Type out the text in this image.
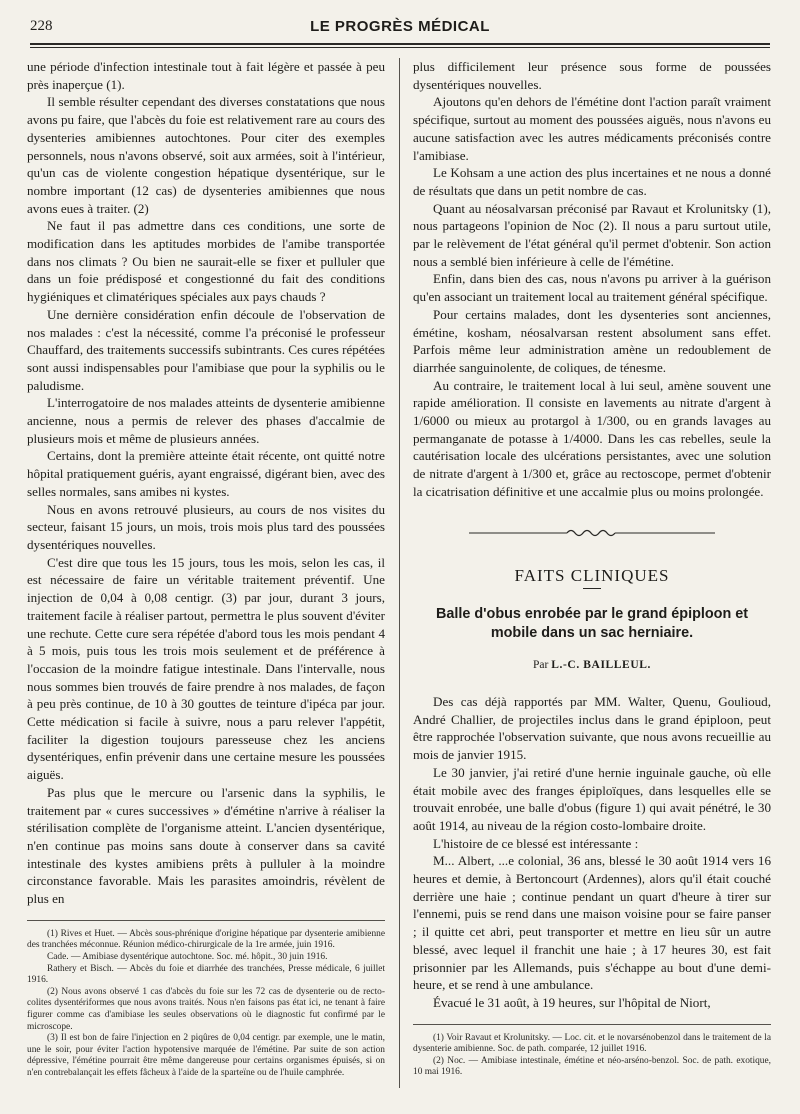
228	LE PROGRÈS MÉDICAL

une période d'infection intestinale tout à fait légère et passée à peu près inaperçue (1).

Il semble résulter cependant des diverses constatations que nous avons pu faire, que l'abcès du foie est relativement rare au cours des dysenteries amibiennes autochtones. Pour citer des exemples personnels, nous n'avons observé, soit aux armées, soit à l'intérieur, qu'un cas de violente congestion hépatique dysentérique, sur le nombre important (12 cas) de dysenteries amibiennes que nous avons eues à traiter. (2)

Ne faut il pas admettre dans ces conditions, une sorte de modification dans les aptitudes morbides de l'amibe transportée dans nos climats ? Ou bien ne saurait-elle se fixer et pulluler que dans un foie prédisposé et congestionné du fait des conditions hygiéniques et climatériques spéciales aux pays chauds ?

Une dernière considération enfin découle de l'observation de nos malades : c'est la nécessité, comme l'a préconisé le professeur Chauffard, des traitements successifs subintrants. Ces cures répétées sont aussi indispensables pour l'amibiase que pour la syphilis ou le paludisme.

L'interrogatoire de nos malades atteints de dysenterie amibienne ancienne, nous a permis de relever des phases d'accalmie de plusieurs mois et même de plusieurs années.

Certains, dont la première atteinte était récente, ont quitté notre hôpital pratiquement guéris, ayant engraissé, digérant bien, avec des selles normales, sans amibes ni kystes.

Nous en avons retrouvé plusieurs, au cours de nos visites du secteur, faisant 15 jours, un mois, trois mois plus tard des poussées dysentériques nouvelles.

C'est dire que tous les 15 jours, tous les mois, selon les cas, il est nécessaire de faire un véritable traitement préventif. Une injection de 0,04 à 0,08 centigr. (3) par jour, durant 3 jours, traitement facile à réaliser partout, permettra le plus souvent d'éviter une rechute. Cette cure sera répétée d'abord tous les mois pendant 4 à 5 mois, puis tous les trois mois seulement et de préférence à l'occasion de la moindre fatigue intestinale. Dans l'intervalle, nous nous sommes bien trouvés de faire prendre à nos malades, de façon à peu près continue, de 10 à 30 gouttes de teinture d'ipéca par jour. Cette médication si facile à suivre, nous a paru relever l'appétit, faciliter la digestion toujours paresseuse chez les anciens dysentériques, enfin prévenir dans une certaine mesure les poussées aiguës.

Pas plus que le mercure ou l'arsenic dans la syphilis, le traitement par « cures successives » d'émétine n'arrive à réaliser la stérilisation complète de l'organisme atteint. L'ancien dysentérique, n'en continue pas moins sans doute à conserver dans sa cavité intestinale des kystes amibiens prêts à pulluler à la moindre circonstance favorable. Mais les parasites amoindris, révèlent de plus en

(1) Rives et Huet. — Abcès sous-phrénique d'origine hépatique par dysenterie amibienne des tranchées méconnue. Réunion médico-chirurgicale de la 1re armée, juin 1916.

Cade. — Amibiase dysentérique autochtone. Soc. mé. hôpit., 30 juin 1916.

Rathery et Bisch. — Abcès du foie et diarrhée des tranchées, Presse médicale, 6 juillet 1916.

(2) Nous avons observé 1 cas d'abcès du foie sur les 72 cas de dysenterie ou de recto-colites dysentériformes que nous avons traités. Nous n'en faisons pas état ici, ne tenant à faire figurer comme cas d'amibiase les seules observations où le diagnostic fut confirmé par le microscope.

(3) Il est bon de faire l'injection en 2 piqûres de 0,04 centigr. par exemple, une le matin, une le soir, pour éviter l'action hypotensive marquée de l'émétine. Par suite de son action dépressive, l'émétine pourrait être même dangereuse pour certains organismes épuisés, si on n'en contrebalançait les effets fâcheux à l'aide de la sparteïne ou de l'huile camphrée.

plus difficilement leur présence sous forme de poussées dysentériques nouvelles.

Ajoutons qu'en dehors de l'émétine dont l'action paraît vraiment spécifique, surtout au moment des poussées aiguës, nous n'avons eu aucune satisfaction avec les autres médicaments préconisés contre l'amibiase.

Le Kohsam a une action des plus incertaines et ne nous a donné de résultats que dans un petit nombre de cas.

Quant au néosalvarsan préconisé par Ravaut et Krolunitsky (1), nous partageons l'opinion de Noc (2). Il nous a paru surtout utile, par le relèvement de l'état général qu'il permet d'obtenir. Son action nous a semblé bien inférieure à celle de l'émétine.

Enfin, dans bien des cas, nous n'avons pu arriver à la guérison qu'en associant un traitement local au traitement général spécifique.

Pour certains malades, dont les dysenteries sont anciennes, émétine, kosham, néosalvarsan restent absolument sans effet. Parfois même leur administration amène un redoublement de diarrhée sanguinolente, de coliques, de ténesme.

Au contraire, le traitement local à lui seul, amène souvent une rapide amélioration. Il consiste en lavements au nitrate d'argent à 1/6000 ou mieux au protargol à 1/300, ou en grands lavages au permanganate de potasse à 1/4000. Dans les cas rebelles, seule la cautérisation locale des ulcérations persistantes, avec une solution de nitrate d'argent à 1/300 et, grâce au rectoscope, permet d'obtenir la cicatrisation définitive et une accalmie plus ou moins prolongée.

FAITS CLINIQUES
Balle d'obus enrobée par le grand épiploon et mobile dans un sac herniaire.
Par L.-C. BAILLEUL.

Des cas déjà rapportés par MM. Walter, Quenu, Goulioud, André Challier, de projectiles inclus dans le grand épiploon, peut être rapprochée l'observation suivante, que nous avons recueillie au mois de janvier 1915.

Le 30 janvier, j'ai retiré d'une hernie inguinale gauche, où elle était mobile avec des franges épiploïques, dans lesquelles elle se trouvait enrobée, une balle d'obus (figure 1) qui avait pénétré, le 30 août 1914, au niveau de la région costo-lombaire droite.

L'histoire de ce blessé est intéressante :

M... Albert, ...e colonial, 36 ans, blessé le 30 août 1914 vers 16 heures et demie, à Bertoncourt (Ardennes), alors qu'il était couché derrière une haie ; continue pendant un quart d'heure à tirer sur l'ennemi, puis se rend dans une maison voisine pour se faire panser ; il quitte cet abri, peut transporter et mettre en lieu sûr un autre blessé, avec lequel il franchit une haie ; à 17 heures 30, est fait prisonnier par les Allemands, puis s'échappe au bout d'une demi-heure, et se rend à une ambulance.

Évacué le 31 août, à 19 heures, sur l'hôpital de Niort,

(1) Voir Ravaut et Krolunitsky. — Loc. cit. et le novarsénobenzol dans le traitement de la dysenterie amibienne. Soc. de path. comparée, 12 juillet 1916.

(2) Noc. — Amibiase intestinale, émétine et néo-arséno-benzol. Soc. de path. exotique, 10 mai 1916.
